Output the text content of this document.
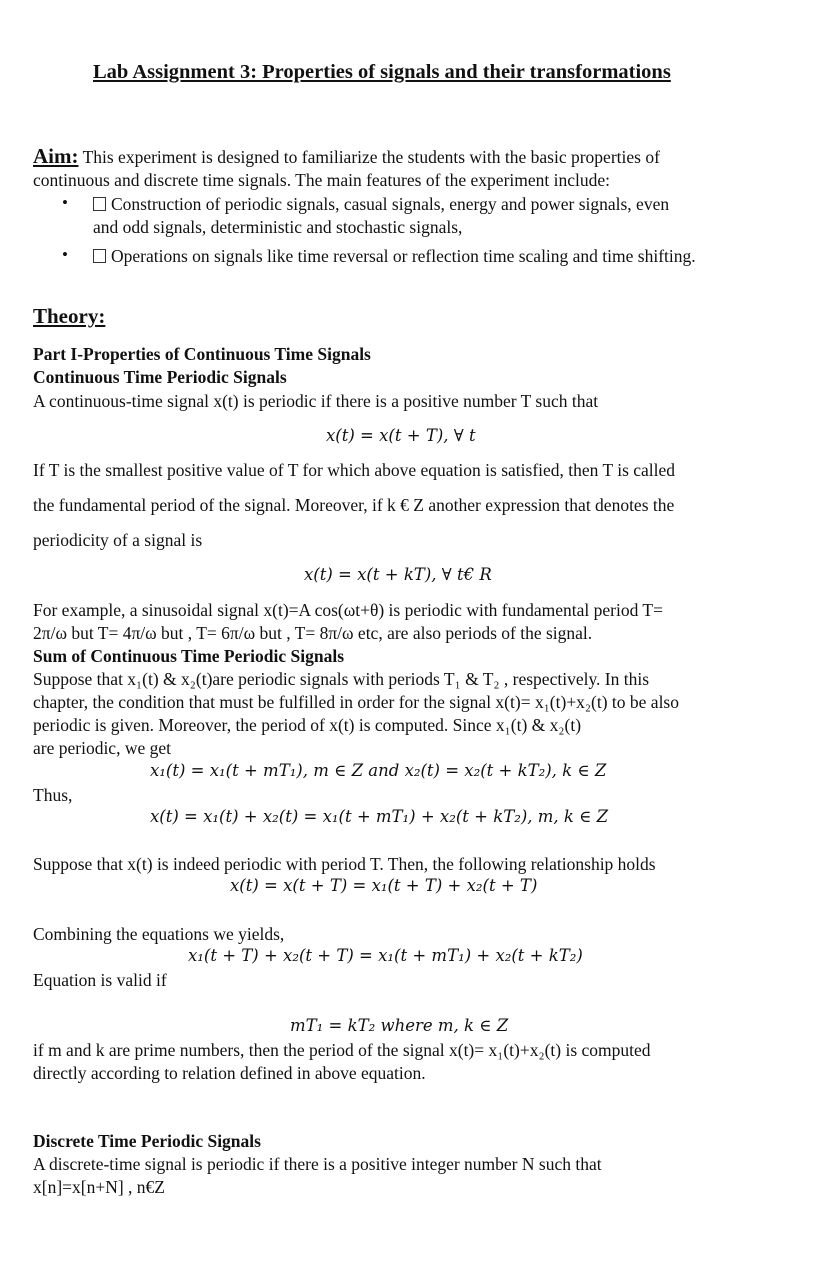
Lab Assignment 3: Properties of signals and their transformations
Aim: This experiment is designed to familiarize the students with the basic properties of
continuous and discrete time signals. The main features of the experiment include:
•	Construction of periodic signals, casual signals, energy and power signals, even
and odd signals, deterministic and stochastic signals,
•	Operations on signals like time reversal or reflection time scaling and time shifting.
Theory:
Part I-Properties of Continuous Time Signals
Continuous Time Periodic Signals
A continuous-time signal x(t) is periodic if there is a positive number T such that
x(t) = x(t + T), ∀ t
If T is the smallest positive value of T for which above equation is satisfied, then T is called
the fundamental period of the signal. Moreover, if k € Z another expression that denotes the
periodicity of a signal is
x(t) = x(t + kT), ∀ t€ R
For example, a sinusoidal signal x(t)=A cos(ωt+θ) is periodic with fundamental period T=
2π/ω but T= 4π/ω but , T= 6π/ω but , T= 8π/ω etc, are also periods of the signal.
Sum of Continuous Time Periodic Signals
Suppose that x₁(t) & x₂(t)are periodic signals with periods T₁ & T₂ , respectively. In this
chapter, the condition that must be fulfilled in order for the signal x(t)= x₁(t)+x₂(t) to be also
periodic is given. Moreover, the period of x(t) is computed. Since x₁(t) & x₂(t)
are periodic, we get
x₁(t) = x₁(t + mT₁), m ∈ Z and x₂(t) = x₂(t + kT₂), k ∈ Z
Thus,
x(t) = x₁(t) + x₂(t) = x₁(t + mT₁) + x₂(t + kT₂), m, k ∈ Z
Suppose that x(t) is indeed periodic with period T. Then, the following relationship holds
x(t) = x(t + T) = x₁(t + T) + x₂(t + T)
Combining the equations we yields,
x₁(t + T) + x₂(t + T) = x₁(t + mT₁) + x₂(t + kT₂)
Equation is valid if
mT₁ = kT₂ where m, k ∈ Z
if m and k are prime numbers, then the period of the signal x(t)= x₁(t)+x₂(t) is computed
directly according to relation defined in above equation.
Discrete Time Periodic Signals
A discrete-time signal is periodic if there is a positive integer number N such that
x[n]=x[n+N] , n€Z
